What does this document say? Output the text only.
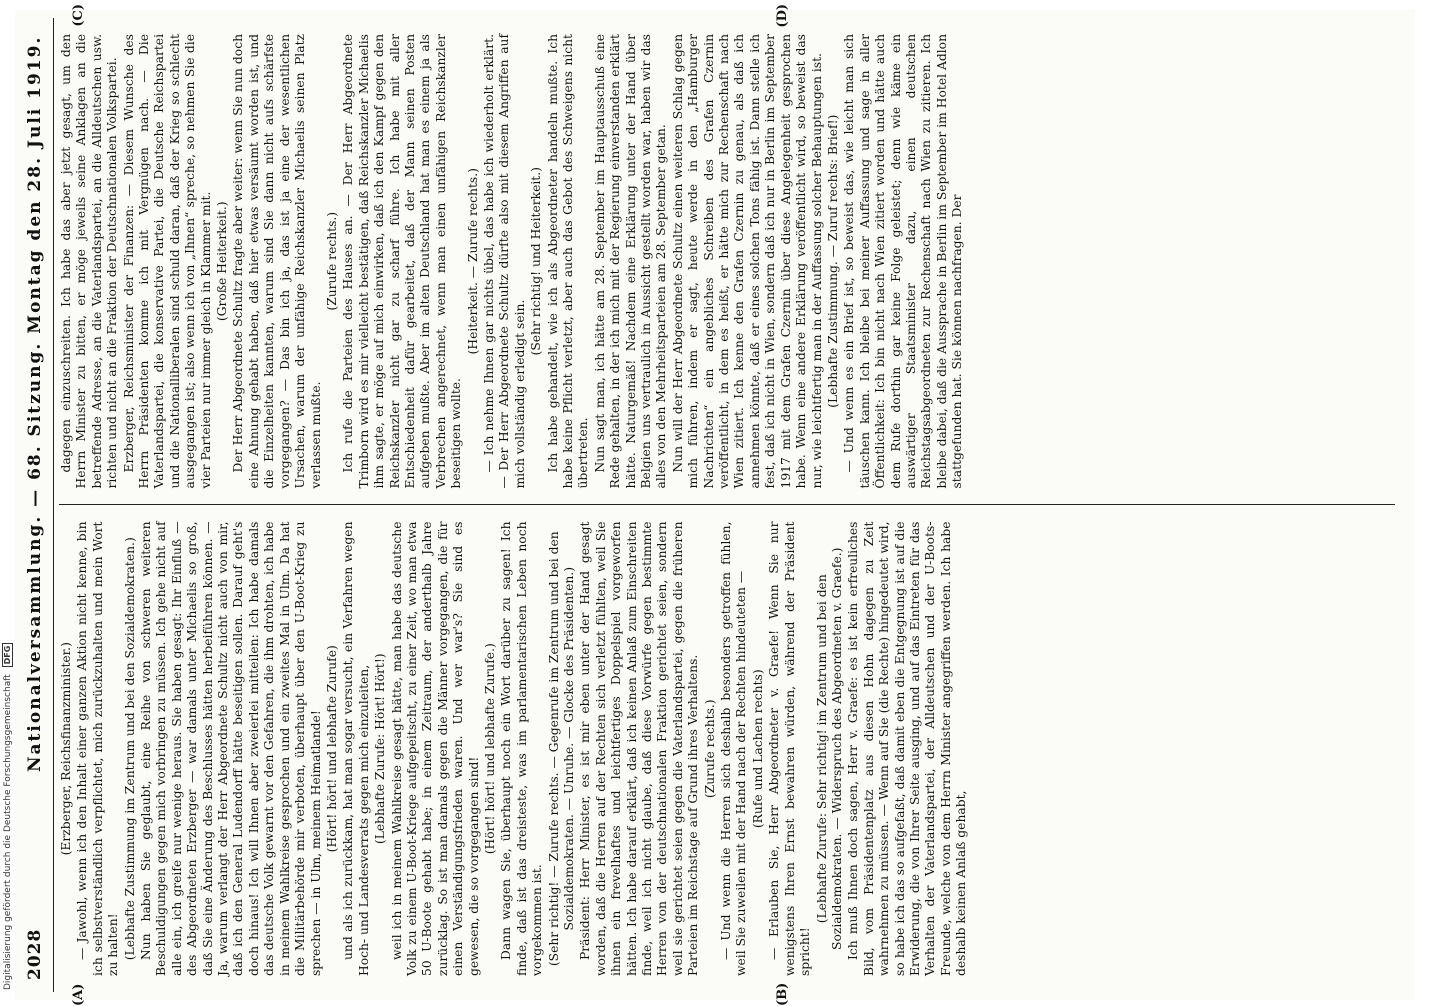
2028
Nationalversammlung. — 68. Sitzung. Montag den 28. Juli 1919.
(A)	(B)
(C)	(D)

(Erzberger, Reichsfinanzminister.) — Jawohl, wenn ich den Inhalt einer ganzen Aktion nicht kenne, bin ich selbstverständlich verpflichtet, mich zurückzuhalten und mein Wort zu halten! (Lebhafte Zustimmung im Zentrum und bei den Sozialdemokraten.) Nun haben Sie geglaubt, eine Reihe von schweren weiteren Beschuldigungen gegen mich vorbringen zu müssen. Ich gehe nicht auf alle ein, ich greife nur wenige heraus. Sie haben gesagt: Ihr Einfluß — des Abgeordneten Erzberger — war damals unter Michaelis so groß, daß Sie eine Änderung des Beschlusses hätten herbeiführen können. — Ja, warum verlangt der Herr Abgeordnete Schultz nicht auch von mir, daß ich den General Ludendorff hätte beseitigen sollen. Darauf geht's doch hinaus! Ich will Ihnen aber zweierlei mitteilen: Ich habe damals das deutsche Volk gewarnt vor den Gefahren, die ihm drohten, ich habe in meinem Wahlkreise gesprochen und ein zweites Mal in Ulm. Da hat die Militärbehörde mir verboten, überhaupt über den U-Boot-Krieg zu sprechen — in Ulm, meinem Heimatlande! (Hört! hört! und lebhafte Zurufe) und als ich zurückkam, hat man sogar versucht, ein Verfahren wegen Hoch- und Landesverrats gegen mich einzuleiten, (Lebhafte Zurufe: Hört! Hört!) weil ich in meinem Wahlkreise gesagt hätte, man habe das deutsche Volk zu einem U-Boot-Kriege aufgepeitscht, zu einer Zeit, wo man etwa 50 U-Boote gehabt habe; in einem Zeitraum, der anderthalb Jahre zurücklag. So ist man damals gegen die Männer vorgegangen, die für einen Verständigungsfrieden waren. Und wer war's? Sie sind es gewesen, die so vorgegangen sind!

(Hört! hört! und lebhafte Zurufe.) Dann wagen Sie, überhaupt noch ein Wort darüber zu sagen! Ich finde, daß ist das dreisteste, was im parlamentarischen Leben noch vorgekommen ist. (Sehr richtig! — Zurufe rechts. — Gegenrufe im Zentrum und bei den Sozialdemokraten. — Unruhe. — Glocke des Präsidenten.) Präsident: Herr Minister, es ist mir eben unter der Hand gesagt worden, daß die Herren auf der Rechten sich verletzt fühlten, weil Sie ihnen ein frevelhaftes und leichtfertiges Doppelspiel vorgeworfen hätten. Ich habe darauf erklärt, daß ich keinen Anlaß zum Einschreiten finde, weil ich nicht glaube, daß diese Vorwürfe gegen bestimmte Herren von der deutschnationalen Fraktion gerichtet seien, sondern weil sie gerichtet seien gegen die Vaterlandspartei, gegen die früheren Parteien im Reichstage auf Grund ihres Verhaltens. (Zurufe rechts.) — Und wenn die Herren sich deshalb besonders getroffen fühlen, weil Sie zuweilen mit der Hand nach der Rechten hindeuteten — (Rufe und Lachen rechts) — Erlauben Sie, Herr Abgeordneter v. Graefe! Wenn Sie nur wenigstens Ihren Ernst bewahren würden, während der Präsident spricht!

(Lebhafte Zurufe: Sehr richtig! im Zentrum und bei den Sozialdemokraten. — Widerspruch des Abgeordneten v. Graefe.) Ich muß Ihnen doch sagen, Herr v. Graefe: es ist kein erfreuliches Bild, vom Präsidentenplatz aus diesen Hohn dagegen zu Zeit wahrnehmen zu müssen. — Wenn auf Sie (die Rechte) hingedeutet wird, so habe ich das so aufgefaßt, daß damit eben die Entgegnung ist auf die Erwiderung, die von Ihrer Seite ausging, und auf das Eintreten für das Verhalten der Vaterlandspartei, der Alldeutschen und der U-Boots-Freunde, welche von dem Herrn Minister angegriffen werden. Ich habe deshalb keinen Anlaß gehabt,

dagegen einzuschreiten. Ich habe das aber jetzt gesagt, um den Herrn Minister zu bitten, er möge jeweils seine Anklagen an die betreffende Adresse, an die Vaterlandspartei, an die Alldeutschen usw. richten und nicht an die Fraktion der Deutschnationalen Volkspartei. Erzberger, Reichsminister der Finanzen: — Diesem Wunsche des Herrn Präsidenten komme ich mit Vergnügen nach. — Die Vaterlandspartei, die konservative Partei, die Deutsche Reichspartei und die Nationalliberalen sind schuld daran, daß der Krieg so schlecht ausgegangen ist; also wenn ich von „Ihnen“ spreche, so nehmen Sie die vier Parteien nur immer gleich in Klammer mit. (Große Heiterkeit.) Der Herr Abgeordnete Schultz fragte aber weiter: wenn Sie nun doch eine Ahnung gehabt haben, daß hier etwas versäumt worden ist, und die Einzelheiten kannten, warum sind Sie dann nicht aufs schärfste vorgegangen? — Das bin ich ja, das ist ja eine der wesentlichen Ursachen, warum der unfähige Reichskanzler Michaelis seinen Platz verlassen mußte.

(Zurufe rechts.) Ich rufe die Parteien des Hauses an. — Der Herr Abgeordnete Trimborn wird es mir vielleicht bestätigen, daß Reichskanzler Michaelis ihm sagte, er möge auf mich einwirken, daß ich den Kampf gegen den Reichskanzler nicht gar zu scharf führe. Ich habe mit aller Entschiedenheit dafür gearbeitet, daß der Mann seinen Posten aufgeben mußte. Aber im alten Deutschland hat man es einem ja als Verbrechen angerechnet, wenn man einen unfähigen Reichskanzler beseitigen wollte.

(Heiterkeit. — Zurufe rechts.) — Ich nehme Ihnen gar nichts übel, das habe ich wiederholt erklärt. — Der Herr Abgeordnete Schultz dürfte also mit diesem Angriffen auf mich vollständig erledigt sein.

(Sehr richtig! und Heiterkeit.) Ich habe gehandelt, wie ich als Abgeordneter handeln mußte. Ich habe keine Pflicht verletzt, aber auch das Gebot des Schweigens nicht übertreten. Nun sagt man, ich hätte am 28. September im Hauptausschuß eine Rede gehalten, in der ich mich mit der Regierung einverstanden erklärt hätte. Naturgemäß! Nachdem eine Erklärung unter der Hand über Belgien uns vertraulich in Aussicht gestellt worden war, haben wir das alles von den Mehrheitsparteien am 28. September getan. Nun will der Herr Abgeordnete Schultz einen weiteren Schlag gegen mich führen, indem er sagt, heute werde in den „Hamburger Nachrichten“ ein angebliches Schreiben des Grafen Czernin veröffentlicht, in dem es heißt, er hätte mich zur Rechenschaft nach Wien zitiert. Ich kenne den Grafen Czernin zu genau, als daß ich annehmen könnte, daß er eines solchen Tons fähig ist. Dann stelle ich fest, daß ich nicht in Wien, sondern daß ich nur in Berlin im September 1917 mit dem Grafen Czernin über diese Angelegenheit gesprochen habe. Wenn eine andere Erklärung veröffentlicht wird, so beweist das nur, wie leichtfertig man in der Auffassung solcher Behauptungen ist. (Lebhafte Zustimmung. — Zuruf rechts: Brief!) — Und wenn es ein Brief ist, so beweist das, wie leicht man sich täuschen kann. Ich bleibe bei meiner Auffassung und sage in aller Öffentlichkeit: Ich bin nicht nach Wien zitiert worden und hätte auch dem Rufe dorthin gar keine Folge geleistet; denn wie käme ein auswärtiger Staatsminister dazu, einen deutschen Reichstagsabgeordneten zur Rechenschaft nach Wien zu zitieren. Ich bleibe dabei, daß die Aussprache in Berlin im September im Hotel Adlon stattgefunden hat. Sie können nachfragen. Der

Digitalisierung gefördert durch die Deutsche Forschungsgemeinschaft DFG
